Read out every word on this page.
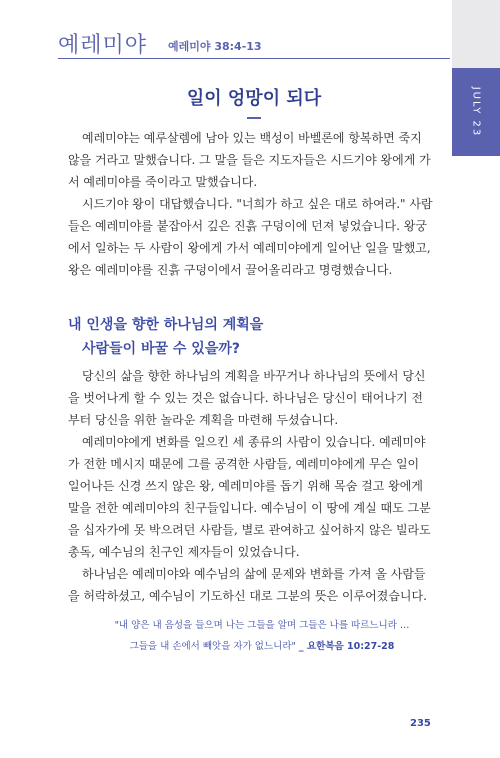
JULY 23
예레미야 예레미야 38:4-13
일이 엉망이 되다

예레미야는 예루살렘에 남아 있는 백성이 바벨론에 항복하면 죽지

않을 거라고 말했습니다. 그 말을 들은 지도자들은 시드기야 왕에게 가

서 예레미야를 죽이라고 말했습니다.

시드기야 왕이 대답했습니다. "너희가 하고 싶은 대로 하여라." 사람

들은 예레미야를 붙잡아서 깊은 진흙 구덩이에 던져 넣었습니다. 왕궁

에서 일하는 두 사람이 왕에게 가서 예레미야에게 일어난 일을 말했고,

왕은 예레미야를 진흙 구덩이에서 끌어올리라고 명령했습니다.

내 인생을 향한 하나님의 계획을

사람들이 바꿀 수 있을까?

당신의 삶을 향한 하나님의 계획을 바꾸거나 하나님의 뜻에서 당신

을 벗어나게 할 수 있는 것은 없습니다. 하나님은 당신이 태어나기 전

부터 당신을 위한 놀라운 계획을 마련해 두셨습니다.

예레미야에게 변화를 일으킨 세 종류의 사람이 있습니다. 예레미야

가 전한 메시지 때문에 그를 공격한 사람들, 예레미야에게 무슨 일이

일어나든 신경 쓰지 않은 왕, 예레미야를 돕기 위해 목숨 걸고 왕에게

말을 전한 예레미야의 친구들입니다. 예수님이 이 땅에 계실 때도 그분

을 십자가에 못 박으려던 사람들, 별로 관여하고 싶어하지 않은 빌라도

총독, 예수님의 친구인 제자들이 있었습니다.

하나님은 예레미야와 예수님의 삶에 문제와 변화를 가져 올 사람들

을 허락하셨고, 예수님이 기도하신 대로 그분의 뜻은 이루어졌습니다.

"내 양은 내 음성을 들으며 나는 그들을 알며 그들은 나를 따르느니라 …
그들을 내 손에서 빼앗을 자가 없느니라" _ 요한복음 10:27-28
235
